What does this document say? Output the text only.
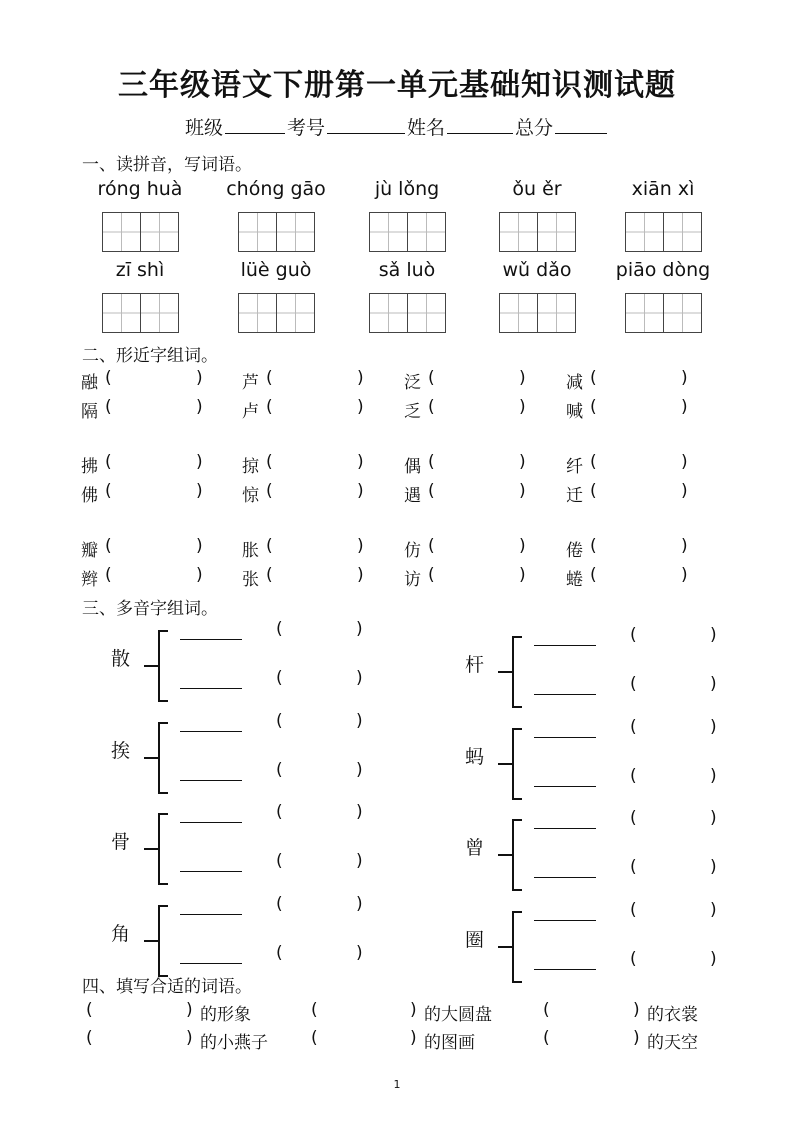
三年级语文下册第一单元基础知识测试题
班级	考号	姓名	总分
一、读拼音，写词语。
róng huà	chóng gāo	jù lǒng	ǒu ěr	xiān xì
zī shì	lüè guò	sǎ luò	wǔ dǎo	piāo dòng
二、形近字组词。
融 (	) 芦 (	) 泛 (	) 减 (	)
隔 (	) 卢 (	) 乏 (	) 喊 (	)
拂 (	) 掠 (	) 偶 (	) 纤 (	)
佛 (	) 惊 (	) 遇 (	) 迁 (	)
瓣 (	) 胀 (	) 仿 (	) 倦 (	)
辫 (	) 张 (	) 访 (	) 蜷 (	)
三、多音字组词。
散
(	)
(	)
挨
(	)
(	)
骨
(	)
(	)
角
(	)
(	)
杆
(	)
(	)
蚂
(	)
(	)
曾
(	)
(	)
圈
(	)
(	)
四、填写合适的词语。
(	) 的形象	(	) 的大圆盘	(	) 的衣裳
(	) 的小燕子	(	) 的图画	(	) 的天空
1
